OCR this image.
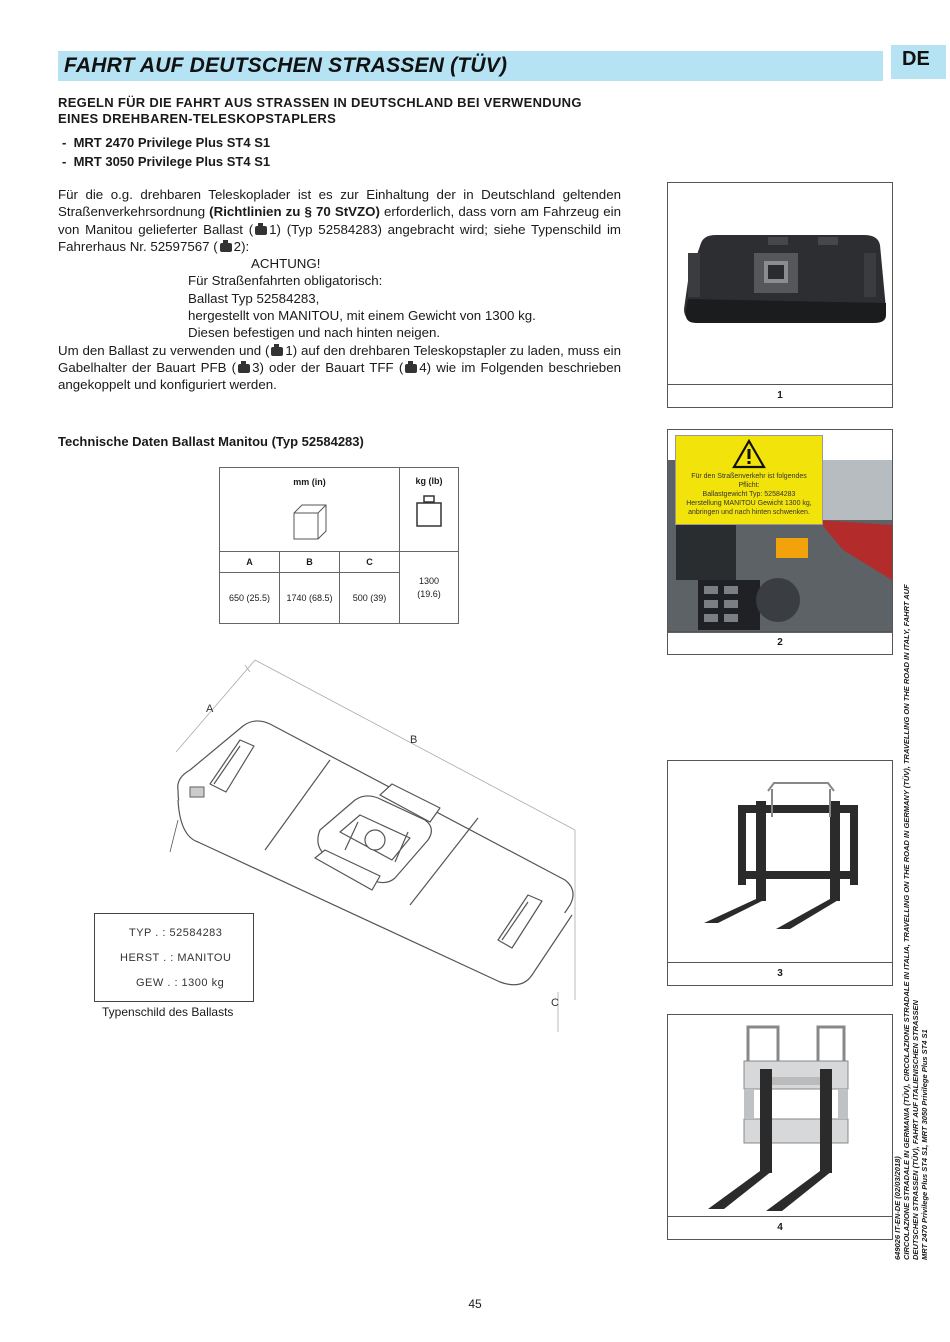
FAHRT AUF DEUTSCHEN STRASSEN (TÜV)	DE
REGELN FÜR DIE FAHRT AUS STRASSEN IN DEUTSCHLAND BEI VERWENDUNG EINES DREHBAREN-TELESKOPSTAPLERS
-  MRT 2470 Privilege Plus ST4 S1
-  MRT 3050 Privilege Plus ST4 S1
Für die o.g. drehbaren Teleskoplader ist es zur Einhaltung der in Deutschland geltenden Straßenverkehrsordnung (Richtlinien zu § 70 StVZO) erforderlich, dass vorn am Fahrzeug ein von Manitou gelieferter Ballast ( 1) (Typ 52584283) angebracht wird; siehe Typenschild im Fahrerhaus Nr. 52597567 ( 2):
ACHTUNG!
Für Straßenfahrten obligatorisch:
Ballast Typ 52584283,
hergestellt von MANITOU, mit einem Gewicht von 1300 kg.
Diesen befestigen und nach hinten neigen.
Um den Ballast zu verwenden und ( 1) auf den drehbaren Teleskopstapler zu laden, muss ein Gabelhalter der Bauart PFB ( 3) oder der Bauart TFF ( 4) wie im Folgenden beschrieben angekoppelt und konfiguriert werden.
Technische Daten Ballast Manitou (Typ 52584283)
mm (in)			kg (lb)

A	B	C	1300
(19.6)

650 (25.5)	1740 (68.5)	500 (39)	
A
B
C
TYP . : 52584283
HERST . : MANITOU
GEW . : 1300 kg
Typenschild des Ballasts
1
Für den Straßenverkehr ist folgendes
Pflicht:
Ballastgewicht Typ: 52584283
Herstellung MANITOU Gewicht 1300 kg,
anbringen und nach hinten schwenken.
2
3
4	649026 IT-EN-DE (02/03/2018) CIRCOLAZIONE STRADALE IN GERMANIA (TÜV), CIRCOLAZIONE STRADALE IN ITALIA, TRAVELLING ON THE ROAD IN GERMANY (TÜV), TRAVELLING ON THE ROAD IN ITALY, FAHRT AUF DEUTSCHEN STRASSEN (TÜV), FAHRT AUF ITALIENISCHEN STRASSEN MRT 2470 Privilege Plus ST4 S1, MRT 3050 Privilege Plus ST4 S1
45
